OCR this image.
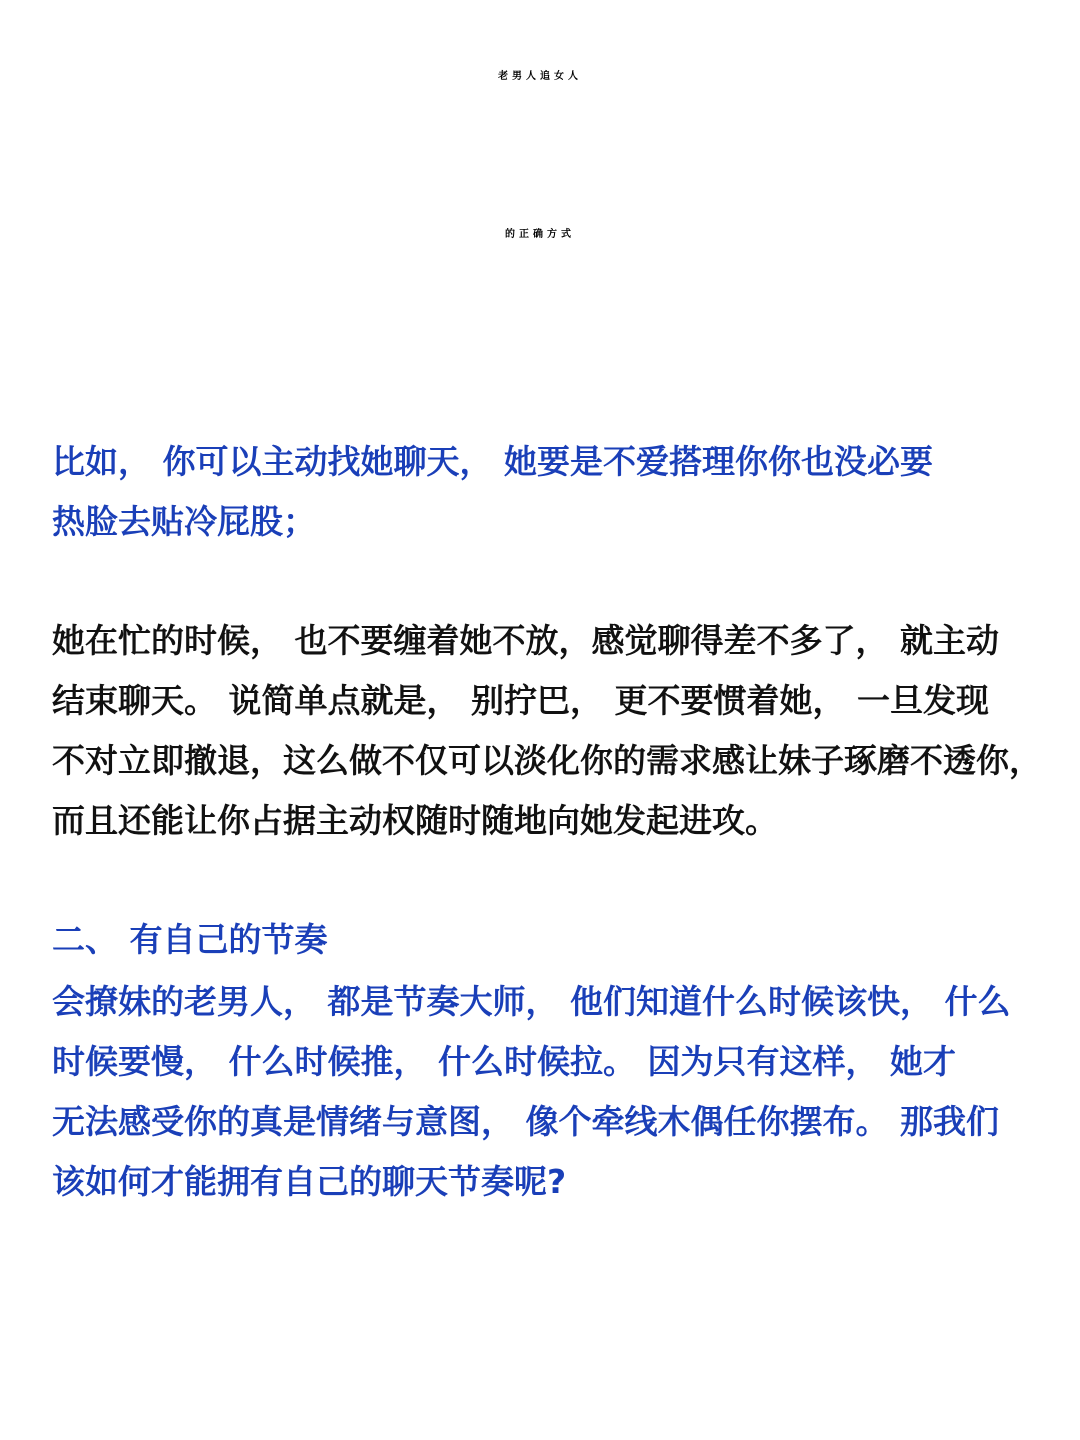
老男人追女人
的正确方式
比如， 你可以主动找她聊天， 她要是不爱搭理你你也没必要
热脸去贴冷屁股；
她在忙的时候， 也不要缠着她不放，感觉聊得差不多了， 就主动
结束聊天。 说简单点就是， 别拧巴， 更不要惯着她， 一旦发现
不对立即撤退，这么做不仅可以淡化你的需求感让妹子琢磨不透你，
而且还能让你占据主动权随时随地向她发起进攻。
二、 有自己的节奏
会撩妹的老男人， 都是节奏大师， 他们知道什么时候该快， 什么
时候要慢， 什么时候推， 什么时候拉。 因为只有这样， 她才
无法感受你的真是情绪与意图， 像个牵线木偶任你摆布。 那我们
该如何才能拥有自己的聊天节奏呢?
